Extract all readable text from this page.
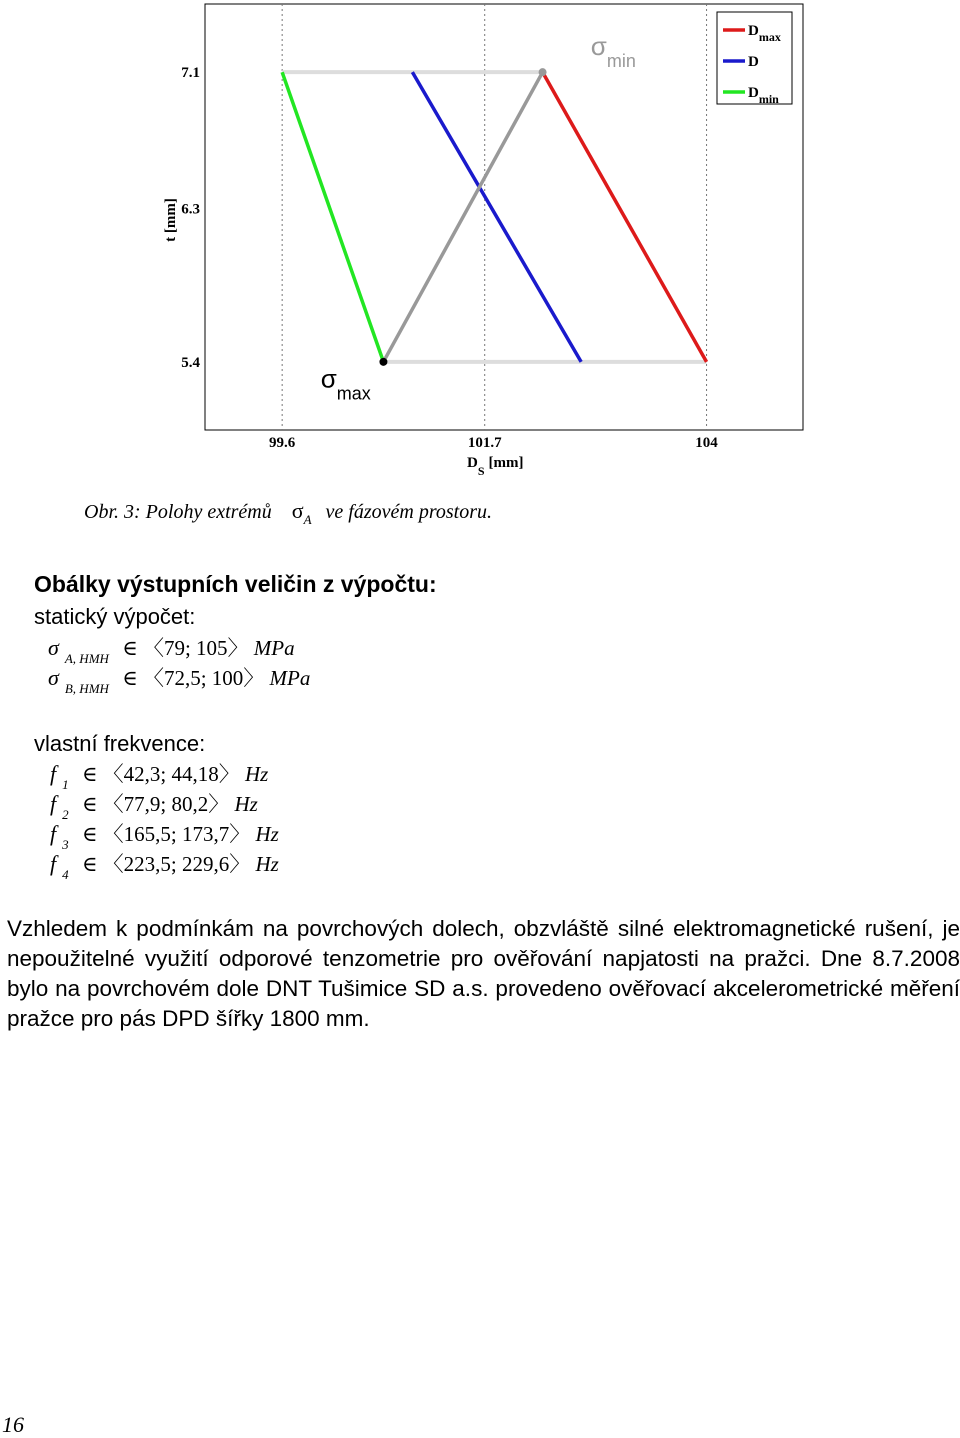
$\sigma_{min}$
$\sigma_{max}$
$D_{max}$
D
$D_{min}$
t [mm]
$D_S$ [mm]
99.6	101.7	104
7.1
6.3
5.4
Obr. 3: Polohy extrémů $\sigma_A$ ve fázovém prostoru.
Obálky výstupních veličin z výpočtu:
statický výpočet:
σ $_{A, HMH}$ ∈ 〈79; 105〉 MPa
σ $_{B, HMH}$ ∈ 〈72,5; 100〉 MPa
vlastní frekvence:
f $_1$ ∈ 〈42,3; 44,18〉 Hz
f $_2$ ∈ 〈77,9; 80,2〉 Hz
f $_3$ ∈ 〈165,5; 173,7〉 Hz
f $_4$ ∈ 〈223,5; 229,6〉 Hz
Vzhledem k podmínkám na povrchových dolech, obzvláště silné elektromagnetické rušení, je nepoužitelné využití odporové tenzometrie pro ověřování napjatosti na pražci. Dne 8.7.2008 bylo na povrchovém dole DNT Tušimice SD a.s. provedeno ověřovací akcelerometrické měření pražce pro pás DPD šířky 1800 mm.
16
